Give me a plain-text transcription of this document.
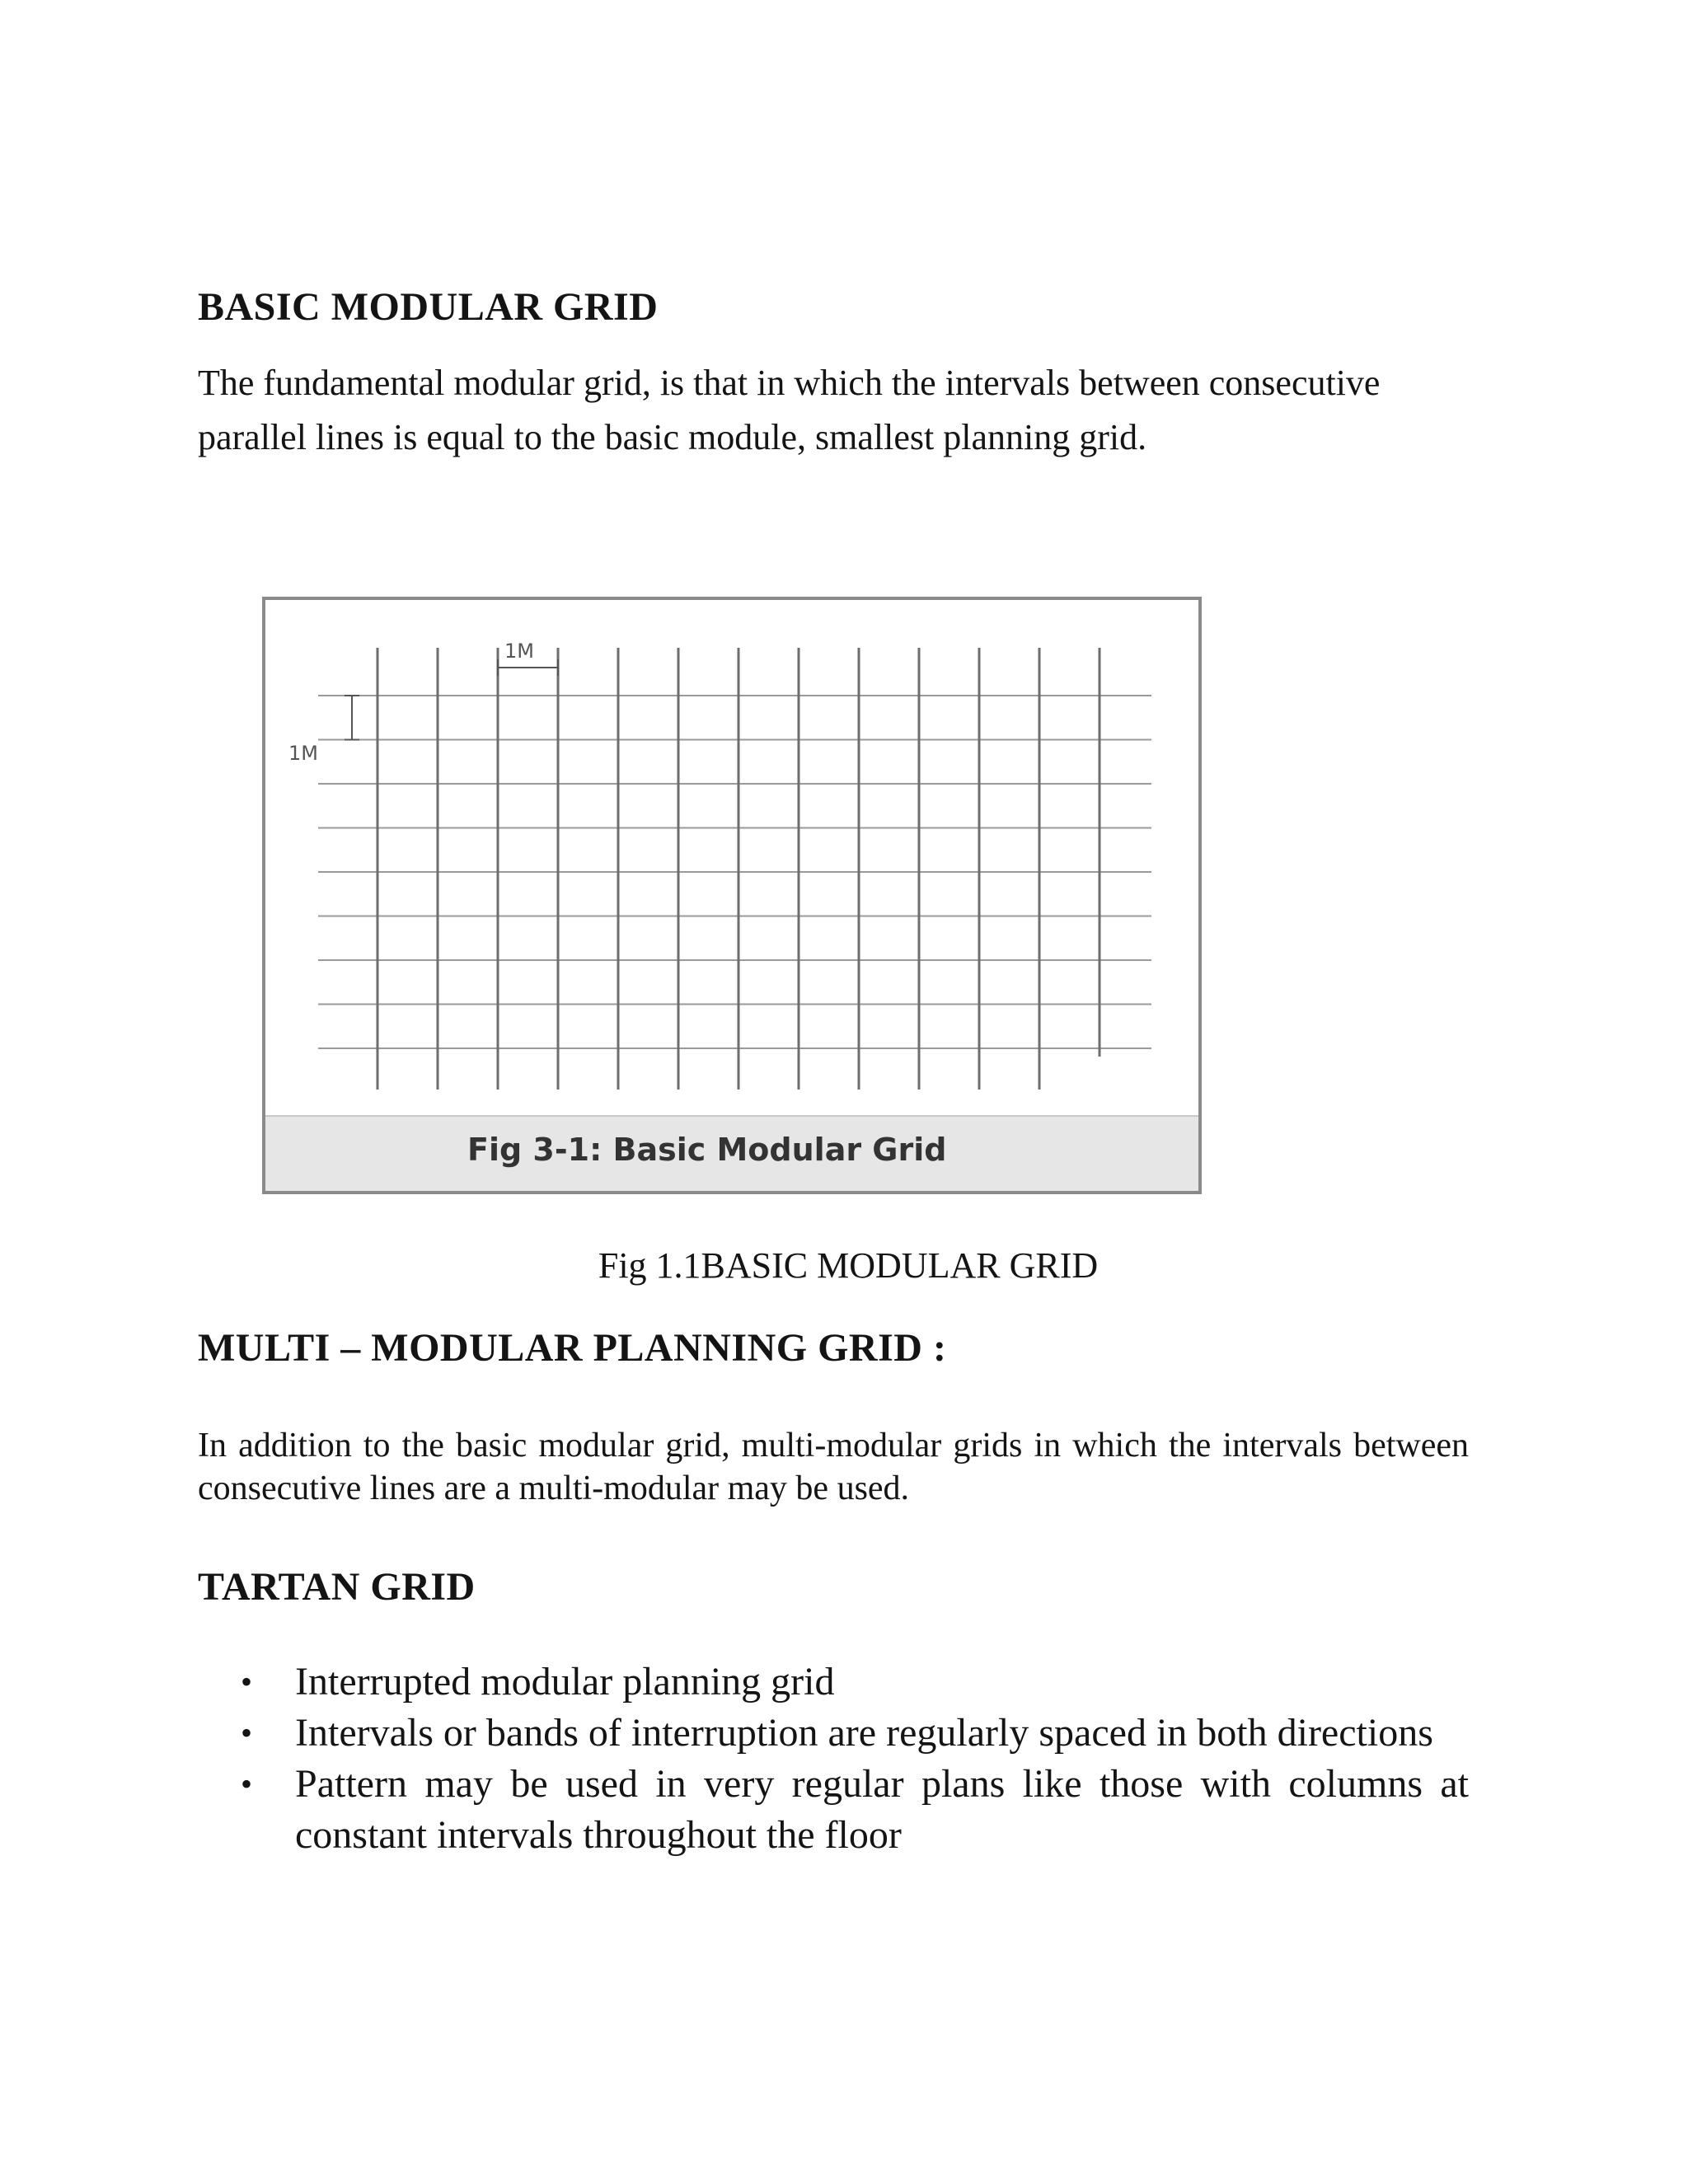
BASIC MODULAR GRID

The fundamental modular grid, is that in which the intervals between consecutive parallel lines is equal to the basic module, smallest planning grid.

1M
1M
Fig 3-1: Basic Modular Grid

Fig 1.1BASIC MODULAR GRID

MULTI – MODULAR PLANNING GRID :

In addition to the basic modular grid, multi-modular grids in which the intervals between consecutive lines are a multi-modular may be used.

TARTAN GRID
• Interrupted modular planning grid
• Intervals or bands of interruption are regularly spaced in both directions
• Pattern may be used in very regular plans like those with columns at constant intervals throughout the floor
